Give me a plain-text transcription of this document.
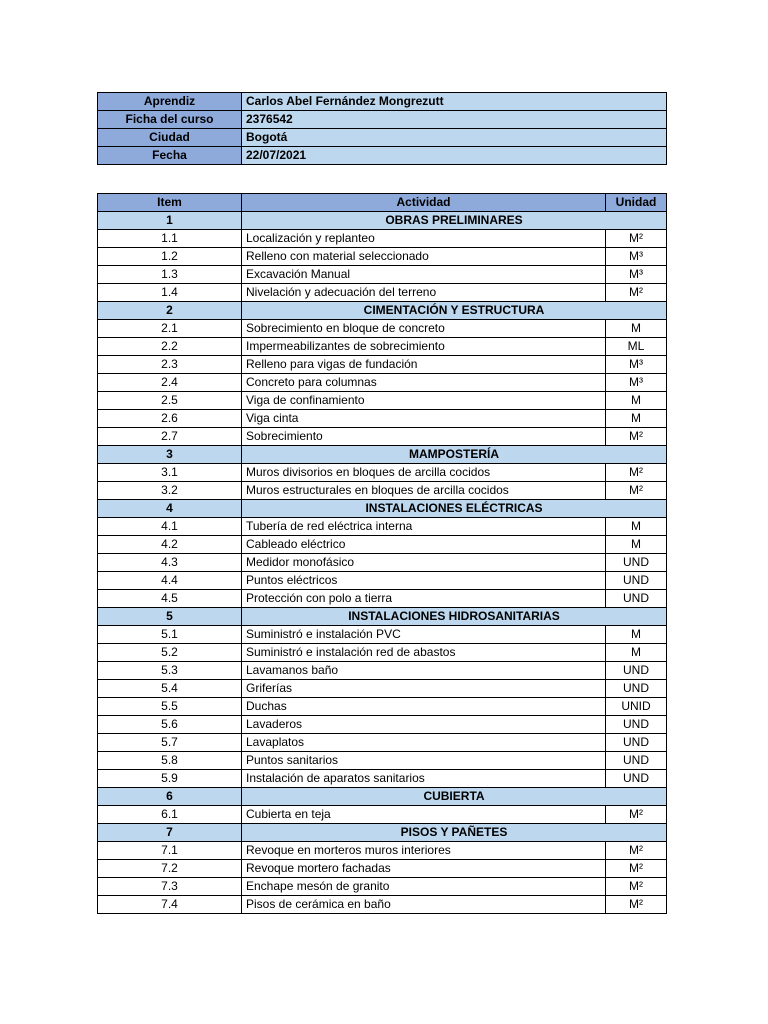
Aprendiz	Carlos Abel Fernández Mongrezutt
Ficha del curso	2376542
Ciudad	Bogotá
Fecha	22/07/2021
Item	Actividad	Unidad
1	OBRAS PRELIMINARES	
1.1	Localización y replanteo	M²
1.2	Relleno con material seleccionado	M³
1.3	Excavación Manual	M³
1.4	Nivelación y adecuación del terreno	M²
2	CIMENTACIÓN Y ESTRUCTURA	
2.1	Sobrecimiento en bloque de concreto	M
2.2	Impermeabilizantes de sobrecimiento	ML
2.3	Relleno para vigas de fundación	M³
2.4	Concreto para columnas	M³
2.5	Viga de confinamiento	M
2.6	Viga cinta	M
2.7	Sobrecimiento	M²
3	MAMPOSTERÍA	
3.1	Muros divisorios en bloques de arcilla cocidos	M²
3.2	Muros estructurales en bloques de arcilla cocidos	M²
4	INSTALACIONES ELÉCTRICAS	
4.1	Tubería de red eléctrica interna	M
4.2	Cableado eléctrico	M
4.3	Medidor monofásico	UND
4.4	Puntos eléctricos	UND
4.5	Protección con polo a tierra	UND
5	INSTALACIONES HIDROSANITARIAS	
5.1	Suministró e instalación PVC	M
5.2	Suministró e instalación red de abastos	M
5.3	Lavamanos baño	UND
5.4	Griferías	UND
5.5	Duchas	UNID
5.6	Lavaderos	UND
5.7	Lavaplatos	UND
5.8	Puntos sanitarios	UND
5.9	Instalación de aparatos sanitarios	UND
6	CUBIERTA	
6.1	Cubierta en teja	M²
7	PISOS Y PAÑETES	
7.1	Revoque en morteros muros interiores	M²
7.2	Revoque mortero fachadas	M²
7.3	Enchape mesón de granito	M²
7.4	Pisos de cerámica en baño	M²
